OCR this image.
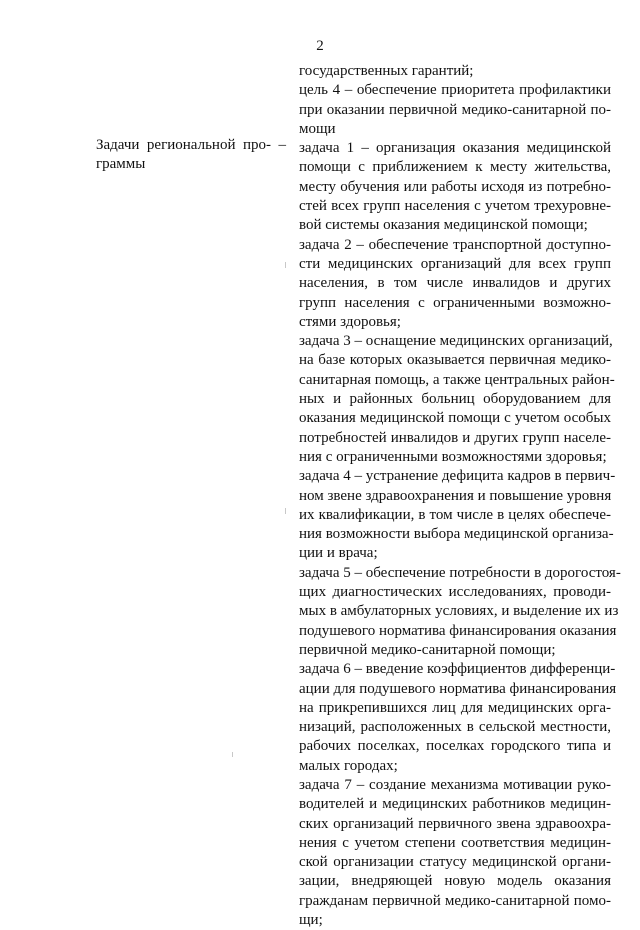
2
Задачи региональной про- –
граммы
государственных гарантий;
цель 4 – обеспечение приоритета профилактики
при оказании первичной медико-санитарной по-
мощи
задача 1 – организация оказания медицинской
помощи с приближением к месту жительства,
месту обучения или работы исходя из потребно-
стей всех групп населения с учетом трехуровне-
вой системы оказания медицинской помощи;
задача 2 – обеспечение транспортной доступно-
сти медицинских организаций для всех групп
населения, в том числе инвалидов и других
групп населения с ограниченными возможно-
стями здоровья;
задача 3 – оснащение медицинских организаций,
на базе которых оказывается первичная медико-
санитарная помощь, а также центральных район-
ных и районных больниц оборудованием для
оказания медицинской помощи с учетом особых
потребностей инвалидов и других групп населе-
ния с ограниченными возможностями здоровья;
задача 4 – устранение дефицита кадров в первич-
ном звене здравоохранения и повышение уровня
их квалификации, в том числе в целях обеспече-
ния возможности выбора медицинской организа-
ции и врача;
задача 5 – обеспечение потребности в дорогостоя-
щих диагностических исследованиях, проводи-
мых в амбулаторных условиях, и выделение их из
подушевого норматива финансирования оказания
первичной медико-санитарной помощи;
задача 6 – введение коэффициентов дифференци-
ации для подушевого норматива финансирования
на прикрепившихся лиц для медицинских орга-
низаций, расположенных в сельской местности,
рабочих поселках, поселках городского типа и
малых городах;
задача 7 – создание механизма мотивации руко-
водителей и медицинских работников медицин-
ских организаций первичного звена здравоохра-
нения с учетом степени соответствия медицин-
ской организации статусу медицинской органи-
зации, внедряющей новую модель оказания
гражданам первичной медико-санитарной помо-
щи;
